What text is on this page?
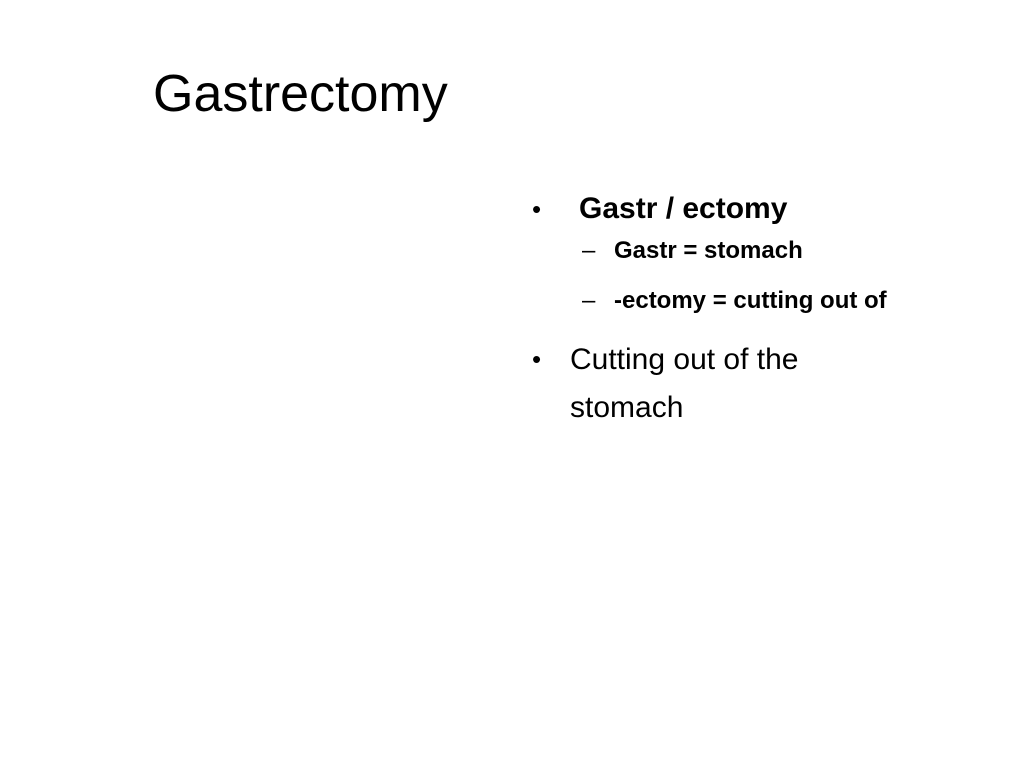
Gastrectomy
• Gastr / ectomy
– Gastr = stomach
– -ectomy = cutting out of
• Cutting out of the stomach
